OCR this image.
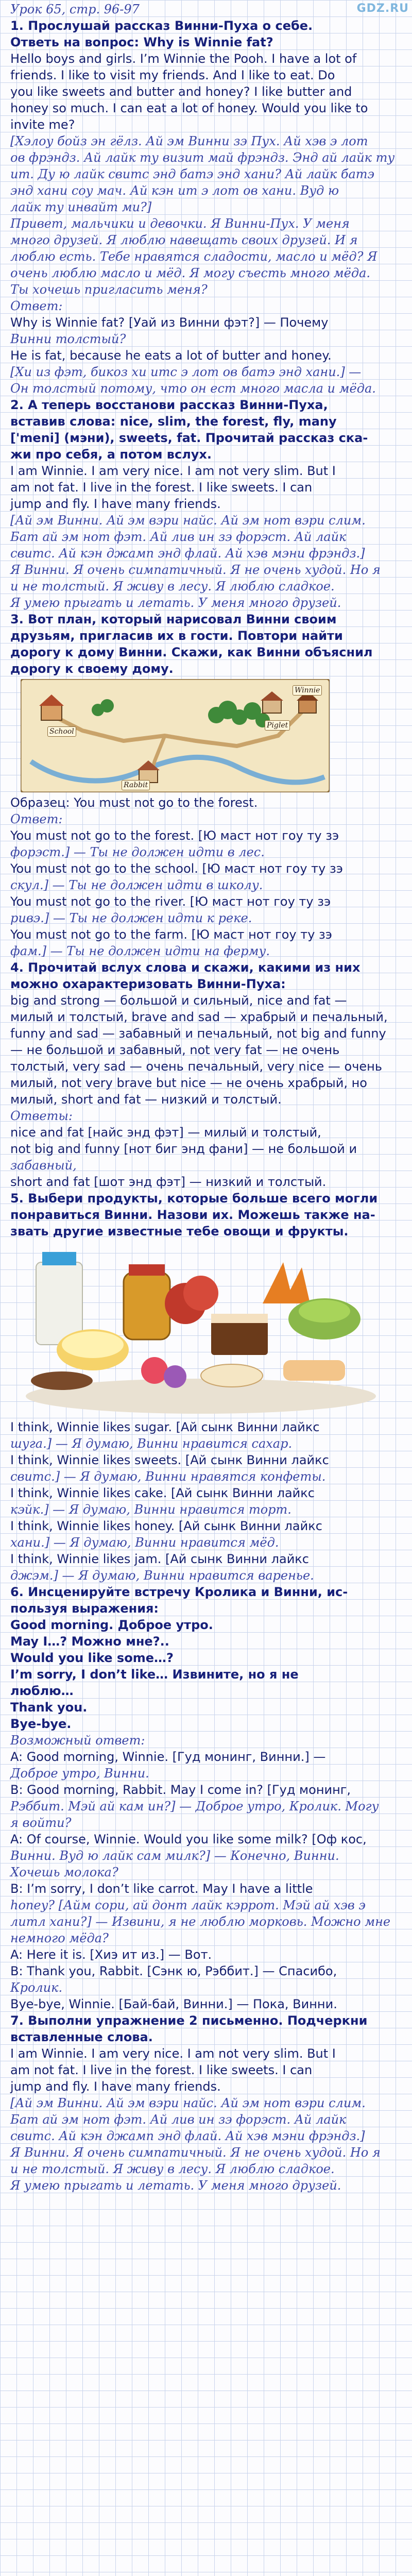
GDZ.RU
Урок 65, стр. 96-97
1. Прослушай рассказ Винни-Пуха о себе.
Ответь на вопрос: Why is Winnie fat?
Hello boys and girls. I’m Winnie the Pooh. I have a lot of
friends. I like to visit my friends. And I like to eat. Do
you like sweets and butter and honey? I like butter and
honey so much. I can eat a lot of honey. Would you like to
invite me?
[Хэлоу бойз эн гёлз. Ай эм Винни зэ Пух. Ай хэв э лот
ов фрэндз. Ай лайк ту визит май фрэндз. Энд ай лайк ту
ит. Ду ю лайк свитс энд батэ энд хани? Ай лайк батэ
энд хани соу мач. Ай кэн ит э лот ов хани. Вуд ю
лайк ту инвайт ми?]
Привет, мальчики и девочки. Я Винни-Пух. У меня
много друзей. Я люблю навещать своих друзей. И я
люблю есть. Тебе нравятся сладости, масло и мёд? Я
очень люблю масло и мёд. Я могу съесть много мёда.
Ты хочешь пригласить меня?
Ответ:
Why is Winnie fat? [Уай из Винни фэт?] — Почему
Винни толстый?
He is fat, because he eats a lot of butter and honey.
[Хи из фэт, бикоз хи итс э лот ов батэ энд хани.] —
Он толстый потому, что он ест много масла и мёда.
2. А теперь восстанови рассказ Винни-Пуха,
вставив слова: nice, slim, the forest, fly, many
['meni] (мэни), sweets, fat. Прочитай рассказ ска-
жи про себя, а потом вслух.
I am Winnie. I am very nice. I am not very slim. But I
am not fat. I live in the forest. I like sweets. I can
jump and fly. I have many friends.
[Ай эм Винни. Ай эм вэри найс. Ай эм нот вэри слим.
Бат ай эм нот фэт. Ай лив ин зэ форэст. Ай лайк
свитс. Ай кэн джамп энд флай. Ай хэв мэни фрэндз.]
Я Винни. Я очень симпатичный. Я не очень худой. Но я
и не толстый. Я живу в лесу. Я люблю сладкое.
Я умею прыгать и летать. У меня много друзей.
3. Вот план, который нарисовал Винни своим
друзьям, пригласив их в гости. Повтори найти
дорогу к дому Винни. Скажи, как Винни объяснил
дорогу к своему дому.
School
Rabbit
Piglet
Winnie
Образец: You must not go to the forest.
Ответ:
You must not go to the forest. [Ю маст нот гоу ту зэ
форэст.] — Ты не должен идти в лес.
You must not go to the school. [Ю маст нот гоу ту зэ
скул.] — Ты не должен идти в школу.
You must not go to the river. [Ю маст нот гоу ту зэ
ривэ.] — Ты не должен идти к реке.
You must not go to the farm. [Ю маст нот гоу ту зэ
фам.] — Ты не должен идти на ферму.
4. Прочитай вслух слова и скажи, какими из них
можно охарактеризовать Винни-Пуха:
big and strong — большой и сильный, nice and fat —
милый и толстый, brave and sad — храбрый и печальный,
funny and sad — забавный и печальный, not big and funny
— не большой и забавный, not very fat — не очень
толстый, very sad — очень печальный, very nice — очень
милый, not very brave but nice — не очень храбрый, но
милый, short and fat — низкий и толстый.
Ответы:
nice and fat [найс энд фэт] — милый и толстый,
not big and funny [нот биг энд фани] — не большой и
забавный,
short and fat [шот энд фэт] — низкий и толстый.
5. Выбери продукты, которые больше всего могли
понравиться Винни. Назови их. Можешь также на-
звать другие известные тебе овощи и фрукты.
I think, Winnie likes sugar. [Ай сынк Винни лайкс
шуга.] — Я думаю, Винни нравится сахар.
I think, Winnie likes sweets. [Ай сынк Винни лайкс
свитс.] — Я думаю, Винни нравятся конфеты.
I think, Winnie likes cake. [Ай сынк Винни лайкс
кэйк.] — Я думаю, Винни нравится торт.
I think, Winnie likes honey. [Ай сынк Винни лайкс
хани.] — Я думаю, Винни нравится мёд.
I think, Winnie likes jam. [Ай сынк Винни лайкс
джэм.] — Я думаю, Винни нравится варенье.
6. Инсценируйте встречу Кролика и Винни, ис-
пользуя выражения:
Good morning. Доброе утро.
May I…? Можно мне?..
Would you like some…?
I’m sorry, I don’t like… Извините, но я не
люблю…
Thank you.
Bye-bye.
Возможный ответ:
A: Good morning, Winnie. [Гуд монинг, Винни.] —
Доброе утро, Винни.
B: Good morning, Rabbit. May I come in? [Гуд монинг,
Рэббит. Мэй ай кам ин?] — Доброе утро, Кролик. Могу
я войти?
A: Of course, Winnie. Would you like some milk? [Оф кос,
Винни. Вуд ю лайк сам милк?] — Конечно, Винни.
Хочешь молока?
B: I’m sorry, I don’t like carrot. May I have a little
honey? [Айм сори, ай донт лайк кэррот. Мэй ай хэв э
литл хани?] — Извини, я не люблю морковь. Можно мне
немного мёда?
A: Here it is. [Хиэ ит из.] — Вот.
B: Thank you, Rabbit. [Сэнк ю, Рэббит.] — Спасибо,
Кролик.
Bye-bye, Winnie. [Бай-бай, Винни.] — Пока, Винни.
7. Выполни упражнение 2 письменно. Подчеркни
вставленные слова.
I am Winnie. I am very nice. I am not very slim. But I
am not fat. I live in the forest. I like sweets. I can
jump and fly. I have many friends.
[Ай эм Винни. Ай эм вэри найс. Ай эм нот вэри слим.
Бат ай эм нот фэт. Ай лив ин зэ форэст. Ай лайк
свитс. Ай кэн джамп энд флай. Ай хэв мэни фрэндз.]
Я Винни. Я очень симпатичный. Я не очень худой. Но я
и не толстый. Я живу в лесу. Я люблю сладкое.
Я умею прыгать и летать. У меня много друзей.
